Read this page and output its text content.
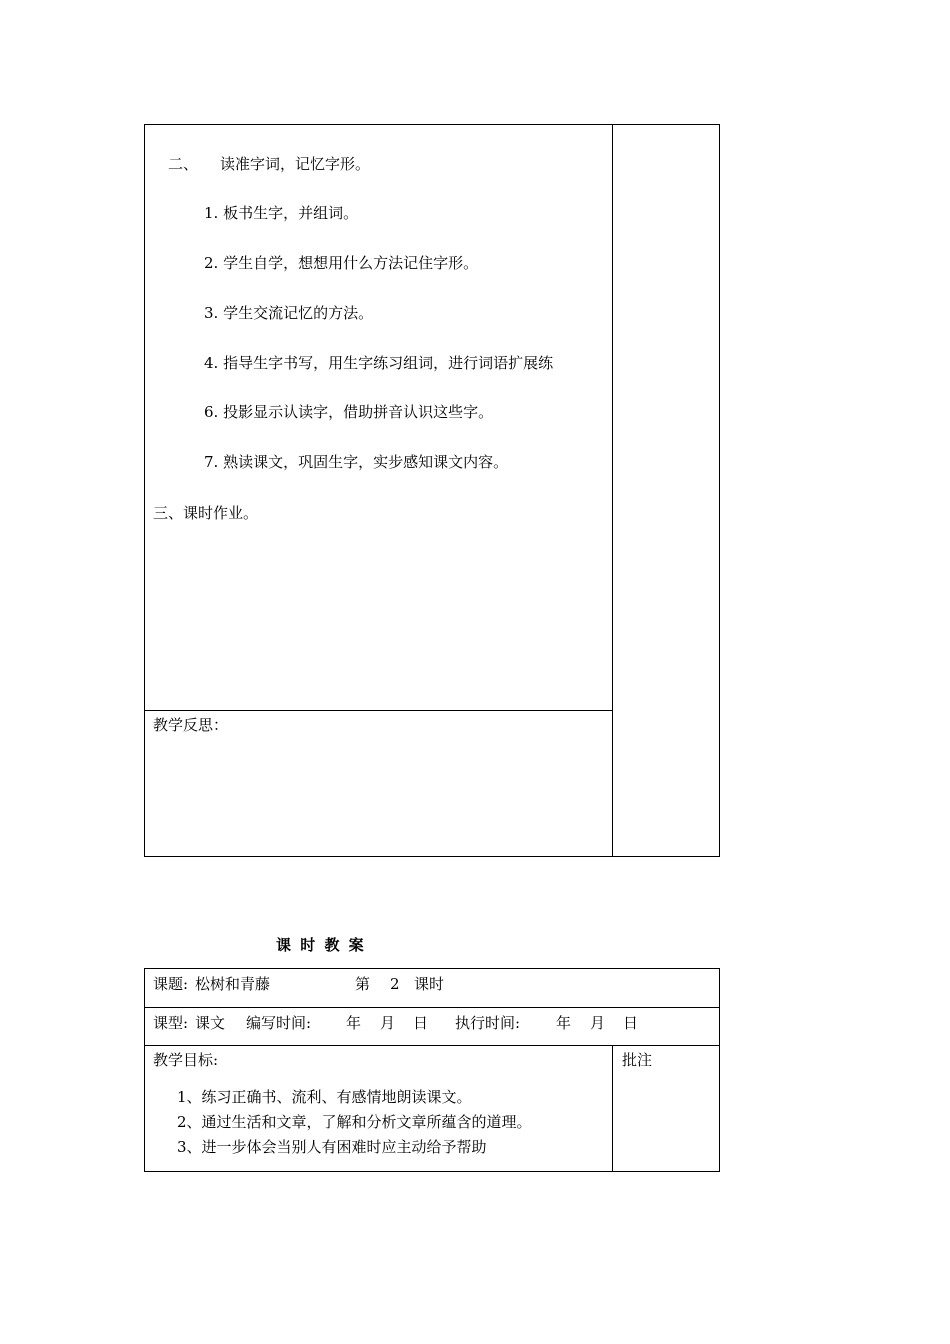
二、 读准字词，记忆字形。
1. 板书生字，并组词。
2. 学生自学，想想用什么方法记住字形。
3. 学生交流记忆的方法。
4. 指导生字书写，用生字练习组词，进行词语扩展练
6. 投影显示认读字，借助拼音认识这些字。
7. 熟读课文，巩固生字，实步感知课文内容。
三、课时作业。
教学反思：
课 时 教 案
课题: 松树和青藤	第 2 课时
课型: 课文 编写时间: 年 月 日 执行时间: 年 月 日
教学目标:
1、练习正确书、流利、有感情地朗读课文。
2、通过生活和文章，了解和分析文章所蕴含的道理。
3、进一步体会当别人有困难时应主动给予帮助
批注
